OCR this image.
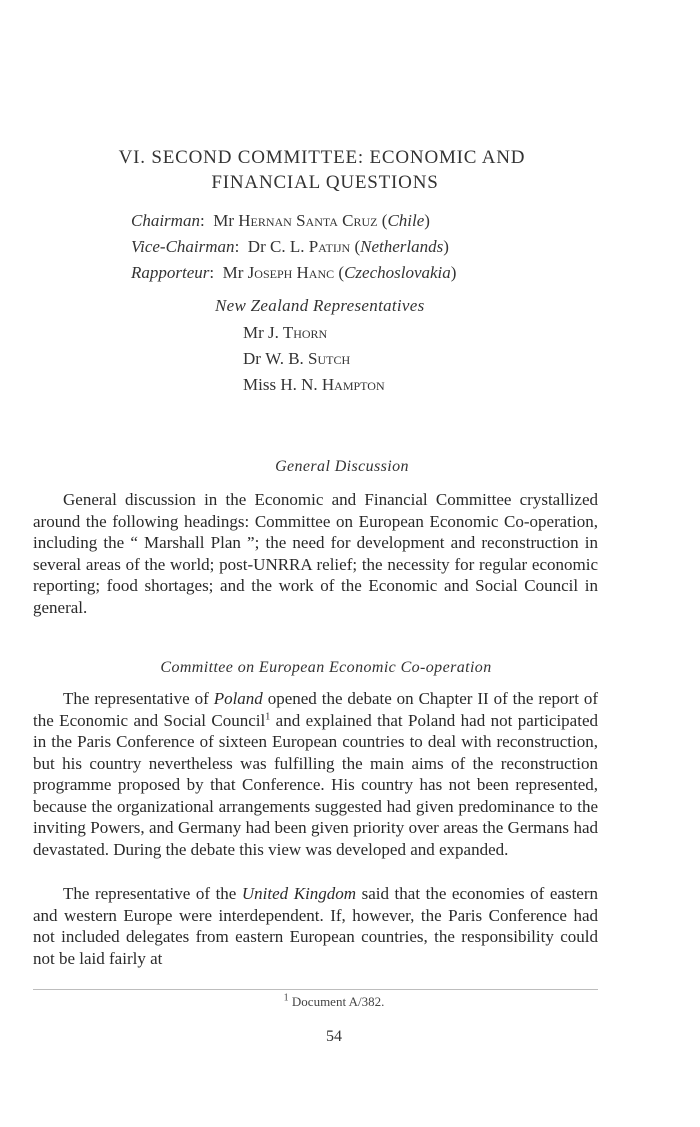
VI. SECOND COMMITTEE: ECONOMIC AND
FINANCIAL QUESTIONS
Chairman:  Mr Hernan Santa Cruz (Chile)
Vice-Chairman:  Dr C. L. Patijn (Netherlands)
Rapporteur:  Mr Joseph Hanc (Czechoslovakia)
New Zealand Representatives
Mr J. Thorn
Dr W. B. Sutch
Miss H. N. Hampton
General Discussion

General discussion in the Economic and Financial Committee crystallized around the following headings: Committee on European Economic Co-operation, including the “ Marshall Plan ”; the need for development and reconstruction in several areas of the world; post-UNRRA relief; the necessity for regular economic reporting; food shortages; and the work of the Economic and Social Council in general.

Committee on European Economic Co-operation

The representative of Poland opened the debate on Chapter II of the report of the Economic and Social Council$^1$ and explained that Poland had not participated in the Paris Conference of sixteen European countries to deal with reconstruction, but his country nevertheless was fulfilling the main aims of the reconstruction programme proposed by that Conference. His country has not been represented, because the organizational arrangements suggested had given predominance to the inviting Powers, and Germany had been given priority over areas the Germans had devastated. During the debate this view was developed and expanded.

The representative of the United Kingdom said that the economies of eastern and western Europe were interdependent. If, however, the Paris Conference had not included delegates from eastern European countries, the responsibility could not be laid fairly at

$^1$ Document A/382.
54
